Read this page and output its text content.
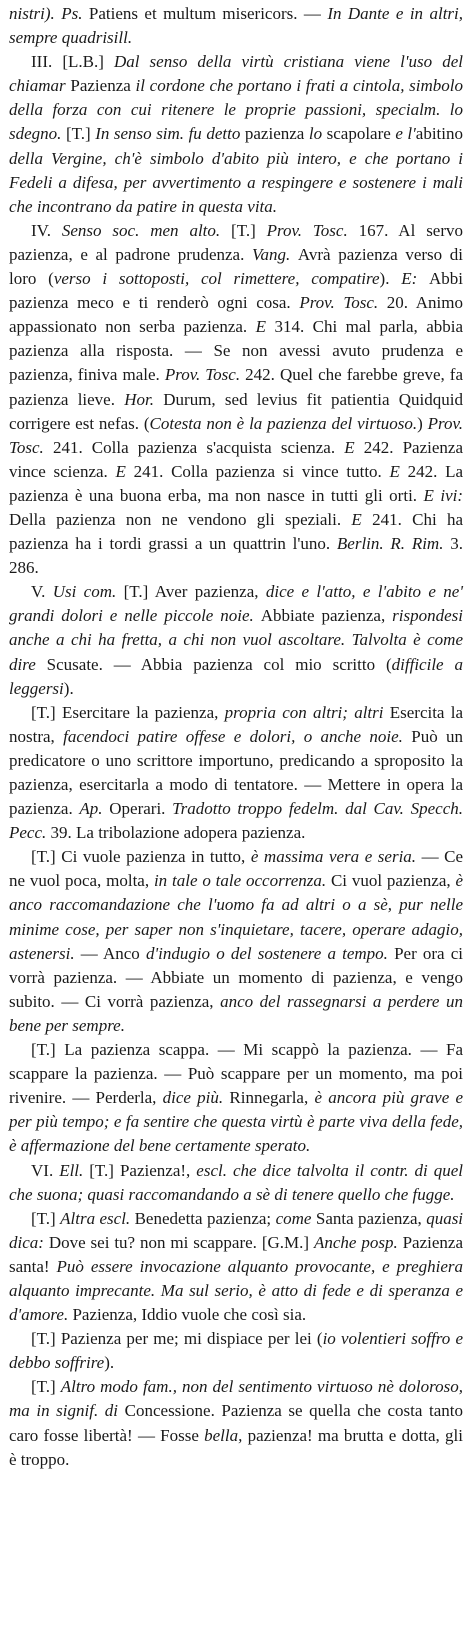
nistri). Ps. Patiens et multum misericors. — In Dante e in altri, sempre quadrisill.

III. [L.B.] Dal senso della virtù cristiana viene l'uso del chiamar Pazienza il cordone che portano i frati a cintola, simbolo della forza con cui ritenere le proprie passioni, specialm. lo sdegno. [T.] In senso sim. fu detto pazienza lo scapolare e l'abitino della Vergine, ch'è simbolo d'abito più intero, e che portano i Fedeli a difesa, per avvertimento a respingere e sostenere i mali che incontrano da patire in questa vita.

IV. Senso soc. men alto. [T.] Prov. Tosc. 167. Al servo pazienza, e al padrone prudenza. Vang. Avrà pazienza verso di loro (verso i sottoposti, col rimettere, compatire). E: Abbi pazienza meco e ti renderò ogni cosa. Prov. Tosc. 20. Animo appassionato non serba pazienza. E 314. Chi mal parla, abbia pazienza alla risposta. — Se non avessi avuto prudenza e pazienza, finiva male. Prov. Tosc. 242. Quel che farebbe greve, fa pazienza lieve. Hor. Durum, sed levius fit patientia Quidquid corrigere est nefas. (Cotesta non è la pazienza del virtuoso.) Prov. Tosc. 241. Colla pazienza s'acquista scienza. E 242. Pazienza vince scienza. E 241. Colla pazienza si vince tutto. E 242. La pazienza è una buona erba, ma non nasce in tutti gli orti. E ivi: Della pazienza non ne vendono gli speziali. E 241. Chi ha pazienza ha i tordi grassi a un quattrin l'uno. Berlin. R. Rim. 3. 286.

V. Usi com. [T.] Aver pazienza, dice e l'atto, e l'abito e ne' grandi dolori e nelle piccole noie. Abbiate pazienza, rispondesi anche a chi ha fretta, a chi non vuol ascoltare. Talvolta è come dire Scusate. — Abbia pazienza col mio scritto (difficile a leggersi).

[T.] Esercitare la pazienza, propria con altri; altri Esercita la nostra, facendoci patire offese e dolori, o anche noie. Può un predicatore o uno scrittore importuno, predicando a sproposito la pazienza, esercitarla a modo di tentatore. — Mettere in opera la pazienza. Ap. Operari. Tradotto troppo fedelm. dal Cav. Specch. Pecc. 39. La tribolazione adopera pazienza.

[T.] Ci vuole pazienza in tutto, è massima vera e seria. — Ce ne vuol poca, molta, in tale o tale occorrenza. Ci vuol pazienza, è anco raccomandazione che l'uomo fa ad altri o a sè, pur nelle minime cose, per saper non s'inquietare, tacere, operare adagio, astenersi. — Anco d'indugio o del sostenere a tempo. Per ora ci vorrà pazienza. — Abbiate un momento di pazienza, e vengo subito. — Ci vorrà pazienza, anco del rassegnarsi a perdere un bene per sempre.

[T.] La pazienza scappa. — Mi scappò la pazienza. — Fa scappare la pazienza. — Può scappare per un momento, ma poi rivenire. — Perderla, dice più. Rinnegarla, è ancora più grave e per più tempo; e fa sentire che questa virtù è parte viva della fede, è affermazione del bene certamente sperato.

VI. Ell. [T.] Pazienza!, escl. che dice talvolta il contr. di quel che suona; quasi raccomandando a sè di tenere quello che fugge.

[T.] Altra escl. Benedetta pazienza; come Santa pazienza, quasi dica: Dove sei tu? non mi scappare. [G.M.] Anche posp. Pazienza santa! Può essere invocazione alquanto provocante, e preghiera alquanto imprecante. Ma sul serio, è atto di fede e di speranza e d'amore. Pazienza, Iddio vuole che così sia.

[T.] Pazienza per me; mi dispiace per lei (io volentieri soffro e debbo soffrire).

[T.] Altro modo fam., non del sentimento virtuoso nè doloroso, ma in signif. di Concessione. Pazienza se quella che costa tanto caro fosse libertà! — Fosse bella, pazienza! ma brutta e dotta, gli è troppo.
